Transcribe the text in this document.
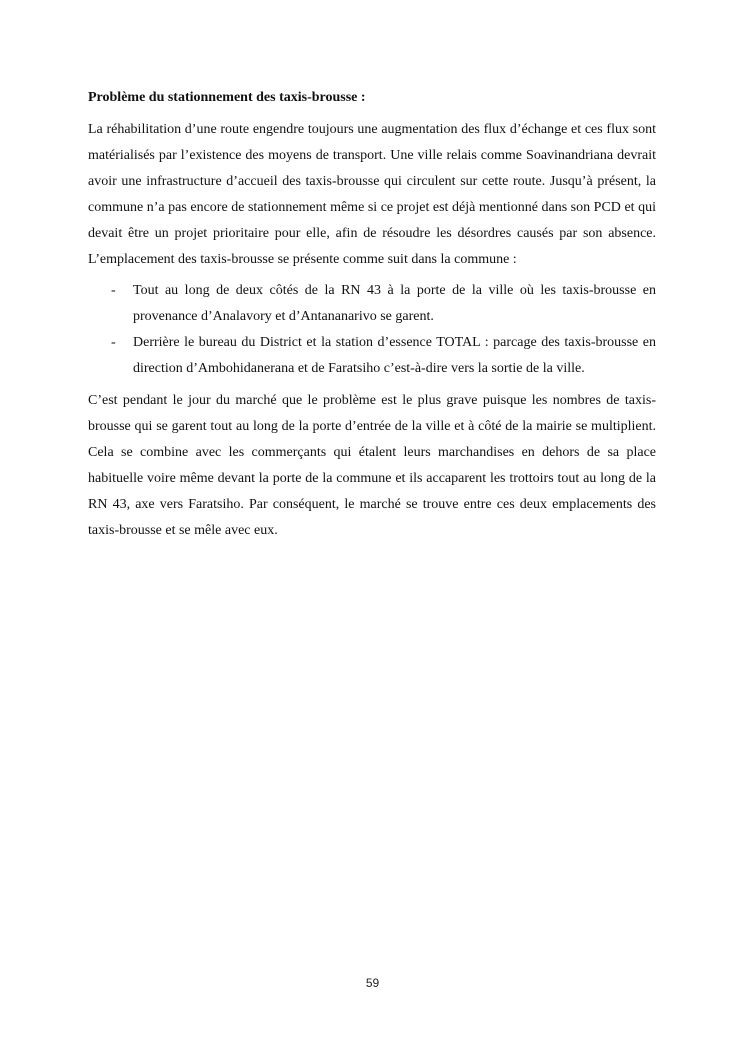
Problème du stationnement des taxis-brousse :

La réhabilitation d’une route engendre toujours une augmentation des flux d’échange et ces flux sont matérialisés par l’existence des moyens de transport. Une ville relais comme Soavinandriana devrait avoir une infrastructure d’accueil des taxis-brousse qui circulent sur cette route. Jusqu’à présent, la commune n’a pas encore de stationnement même si ce projet est déjà mentionné dans son PCD et qui devait être un projet prioritaire pour elle, afin de résoudre les désordres causés par son absence. L’emplacement des taxis-brousse se présente comme suit dans la commune :

- Tout au long de deux côtés de la RN 43 à la porte de la ville où les taxis-brousse en provenance d’Analavory et d’Antananarivo se garent.
- Derrière le bureau du District et la station d’essence TOTAL : parcage des taxis-brousse en direction d’Ambohidanerana et de Faratsiho c’est-à-dire vers la sortie de la ville.

C’est pendant le jour du marché que le problème est le plus grave puisque les nombres de taxis-brousse qui se garent tout au long de la porte d’entrée de la ville et à côté de la mairie se multiplient. Cela se combine avec les commerçants qui étalent leurs marchandises en dehors de sa place habituelle voire même devant la porte de la commune et ils accaparent les trottoirs tout au long de la RN 43, axe vers Faratsiho. Par conséquent, le marché se trouve entre ces deux emplacements des taxis-brousse et se mêle avec eux.

59
